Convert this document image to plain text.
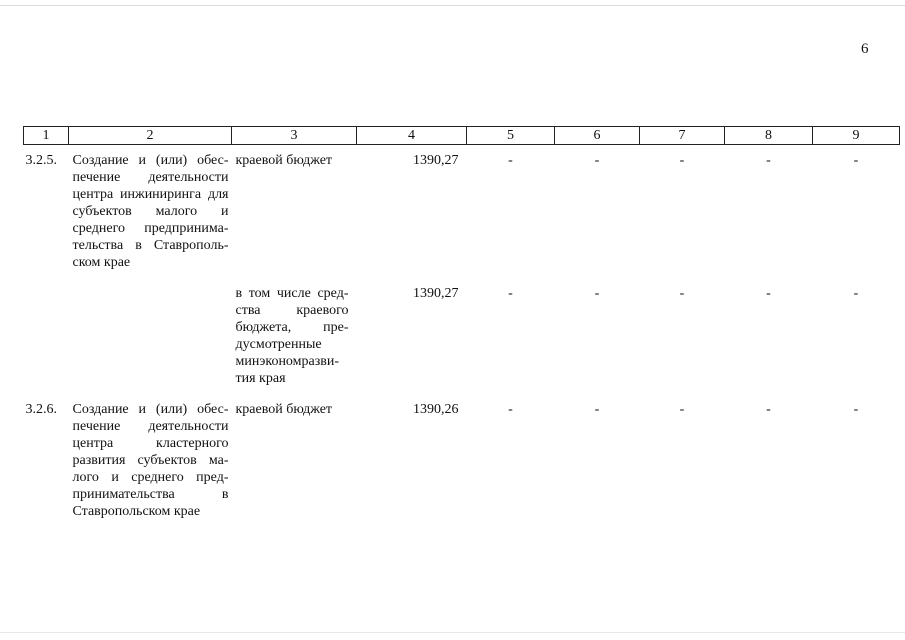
6
1	2	3	4	5	6	7	8	9
3.2.5.	Создание и (или) обес-печение деятельности центра инжиниринга для субъектов малого и среднего предпринима-тельства в Ставрополь-ском крае	краевой бюджет	1390,27	-	-	-	-	-
		в том числе сред-ства краевого бюджета, пре-дусмотренные минэкономразви-тия края	1390,27	-	-	-	-	-
3.2.6.	Создание и (или) обес-печение деятельности центра кластерного развития субъектов ма-лого и среднего пред-принимательства в Ставропольском крае	краевой бюджет	1390,26	-	-	-	-	-
